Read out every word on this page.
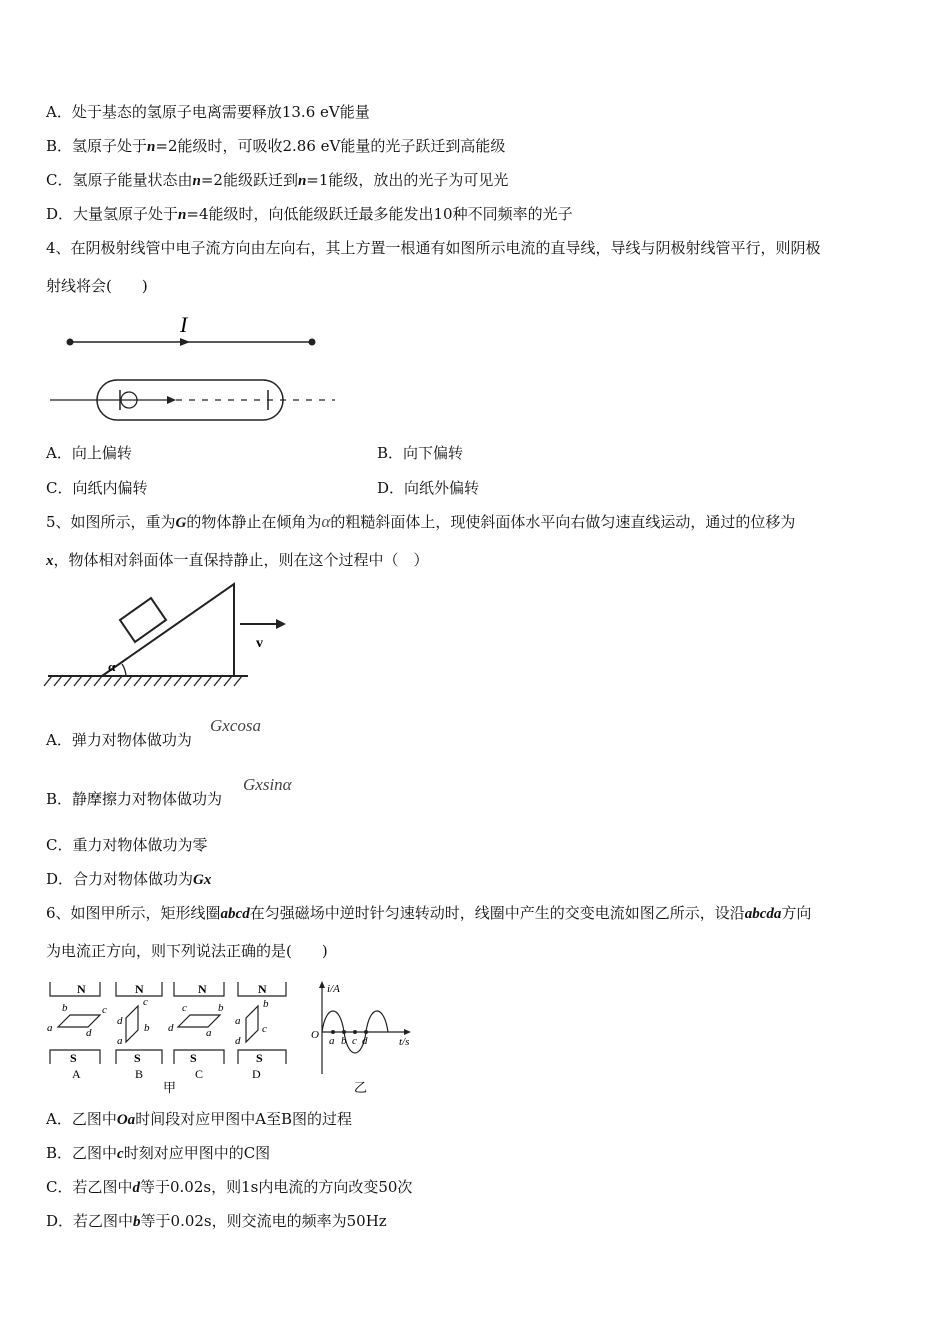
A．处于基态的氢原子电离需要释放13.6 eV能量
B．氢原子处于n=2能级时，可吸收2.86 eV能量的光子跃迁到高能级
C．氢原子能量状态由n=2能级跃迁到n=1能级，放出的光子为可见光
D．大量氢原子处于n=4能级时，向低能级跃迁最多能发出10种不同频率的光子
4、在阴极射线管中电子流方向由左向右，其上方置一根通有如图所示电流的直导线，导线与阴极射线管平行，则阴极
射线将会(　　)
I
A．向上偏转	B．向下偏转
C．向纸内偏转	D．向纸外偏转
5、如图所示，重为G的物体静止在倾角为α的粗糙斜面体上，现使斜面体水平向右做匀速直线运动，通过的位移为
x，物体相对斜面体一直保持静止，则在这个过程中（　）
α
v
A．弹力对物体做功为
Gxcosa
B．静摩擦力对物体做功为
Gxsinα
C．重力对物体做功为零
D．合力对物体做功为Gx
6、如图甲所示，矩形线圈abcd在匀强磁场中逆时针匀速转动时，线圈中产生的交变电流如图乙所示，设沿abcda方向
为电流正方向，则下列说法正确的是(　　)
N
a
b	c
d
S
A
N
d
c
b
a
S
B
N
d
c	b
a
S
C
N
a
b
c
d
S
D
甲
i/A
t/s
O a b c d
乙
A．乙图中Oa时间段对应甲图中A至B图的过程
B．乙图中c时刻对应甲图中的C图
C．若乙图中d等于0.02s，则1s内电流的方向改变50次
D．若乙图中b等于0.02s，则交流电的频率为50Hz
